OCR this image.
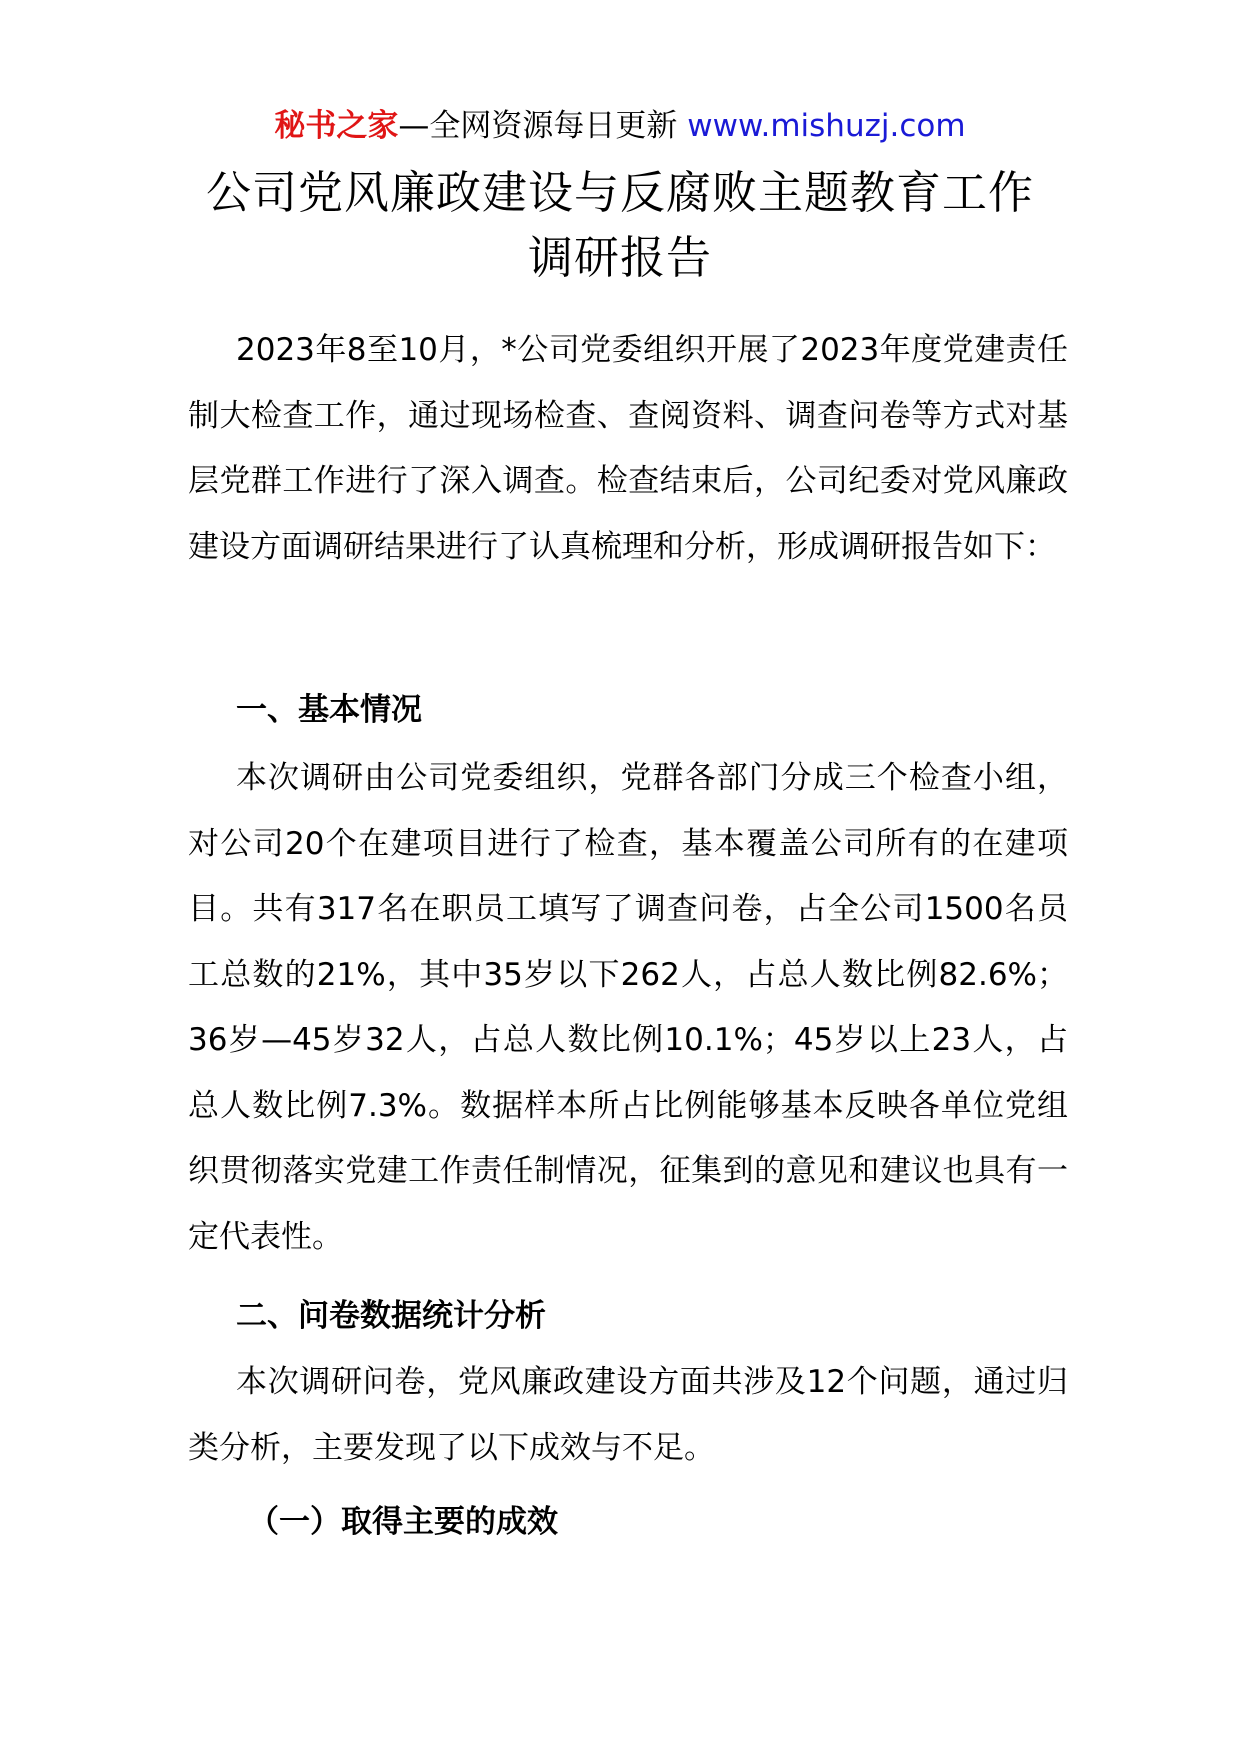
秘书之家—全网资源每日更新 www.mishuzj.com
公司党风廉政建设与反腐败主题教育工作
调研报告

2023年8至10月，*公司党委组织开展了2023年度党建责任制大检查工作，通过现场检查、查阅资料、调查问卷等方式对基层党群工作进行了深入调查。检查结束后，公司纪委对党风廉政建设方面调研结果进行了认真梳理和分析，形成调研报告如下：

一、基本情况

本次调研由公司党委组织，党群各部门分成三个检查小组，对公司20个在建项目进行了检查，基本覆盖公司所有的在建项目。共有317名在职员工填写了调查问卷，占全公司1500名员工总数的21%，其中35岁以下262人，占总人数比例82.6%；36岁—45岁32人，占总人数比例10.1%；45岁以上23人，占总人数比例7.3%。数据样本所占比例能够基本反映各单位党组织贯彻落实党建工作责任制情况，征集到的意见和建议也具有一定代表性。

二、问卷数据统计分析

本次调研问卷，党风廉政建设方面共涉及12个问题，通过归类分析，主要发现了以下成效与不足。

（一）取得主要的成效
